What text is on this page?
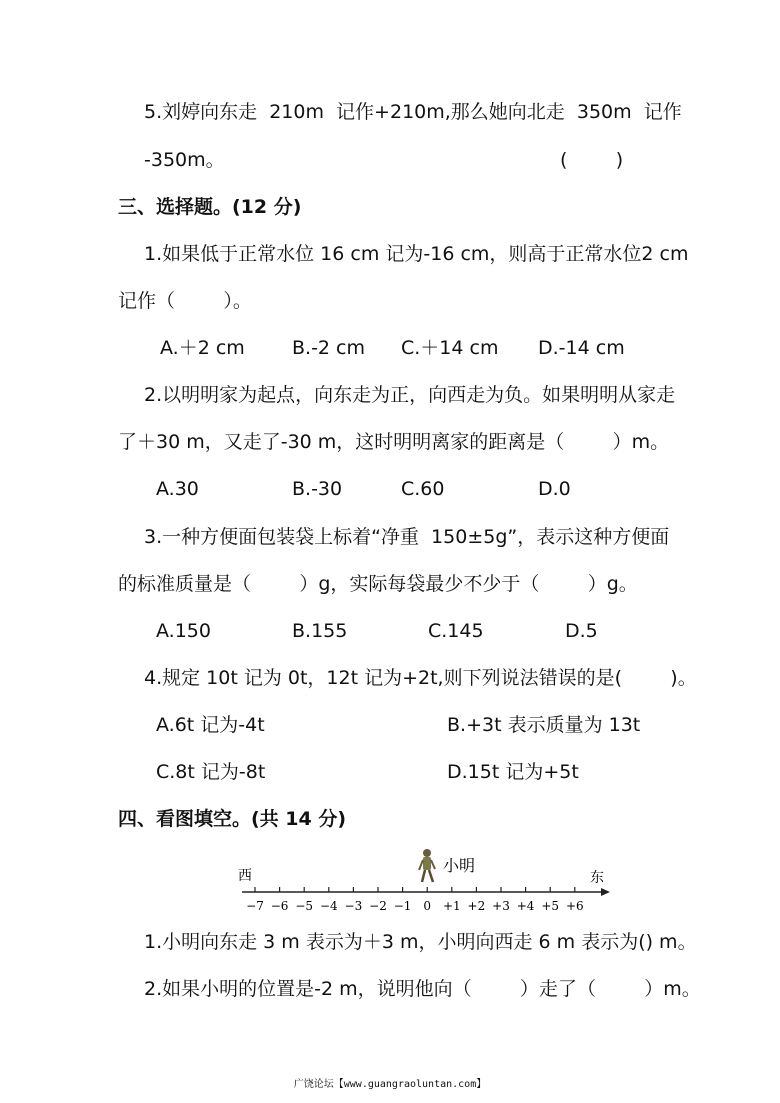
5.刘婷向东走  210m  记作+210m,那么她向北走  350m  记作
-350m。	(        )
三、选择题。(12 分)
1.如果低于正常水位 16 cm 记为-16 cm，则高于正常水位2 cm
记作（        ）。
A.＋2 cm B.-2 cm C.＋14 cm D.-14 cm
2.以明明家为起点，向东走为正，向西走为负。如果明明从家走
了＋30 m，又走了-30 m，这时明明离家的距离是（        ）m。
A.30	B.-30	C.60	D.0
3.一种方便面包装袋上标着“净重  150±5g”，表示这种方便面
的标准质量是（        ）g，实际每袋最少不少于（        ）g。
A.150	B.155	C.145	D.5
4.规定 10t 记为 0t，12t 记为+2t,则下列说法错误的是(        )。
A.6t 记为-4t	B.+3t 表示质量为 13t
C.8t 记为-8t	D.15t 记为+5t
四、看图填空。(共 14 分)
西	东
−7 −6 −5 −4 −3 −2 −1 0 +1 +2 +3 +4 +5 +6
小明
1.小明向东走 3 m 表示为＋3 m，小明向西走 6 m 表示为() m。
2.如果小明的位置是-2 m，说明他向（        ）走了（        ）m。
广饶论坛【www.guangraoluntan.com】
